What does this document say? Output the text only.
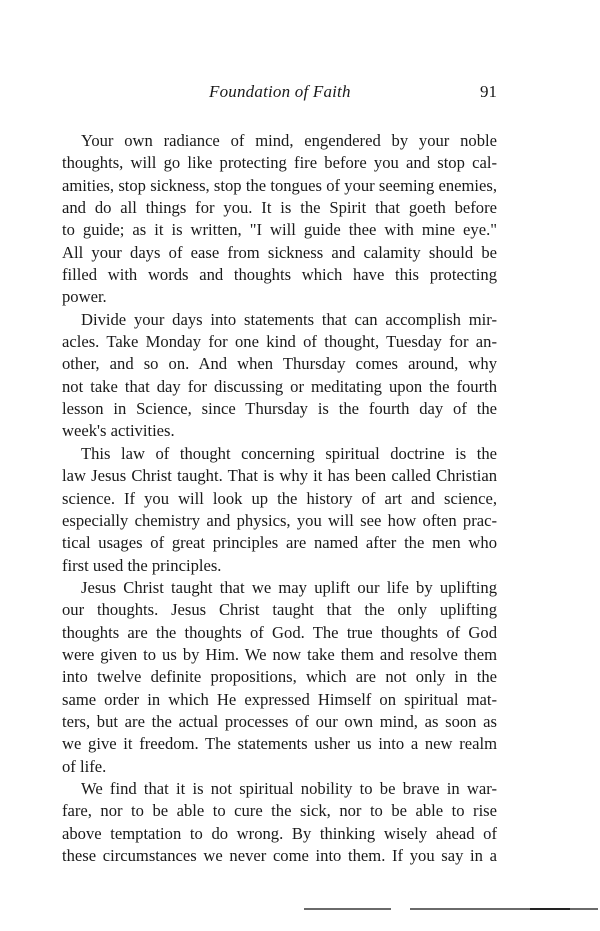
Foundation of Faith	91
Your own radiance of mind, engendered by your noble
thoughts, will go like protecting fire before you and stop cal-
amities, stop sickness, stop the tongues of your seeming enemies,
and do all things for you. It is the Spirit that goeth before
to guide; as it is written, "I will guide thee with mine eye."
All your days of ease from sickness and calamity should be
filled with words and thoughts which have this protecting
power.
Divide your days into statements that can accomplish mir-
acles. Take Monday for one kind of thought, Tuesday for an-
other, and so on. And when Thursday comes around, why
not take that day for discussing or meditating upon the fourth
lesson in Science, since Thursday is the fourth day of the
week's activities.
This law of thought concerning spiritual doctrine is the
law Jesus Christ taught. That is why it has been called Christian
science. If you will look up the history of art and science,
especially chemistry and physics, you will see how often prac-
tical usages of great principles are named after the men who
first used the principles.
Jesus Christ taught that we may uplift our life by uplifting
our thoughts. Jesus Christ taught that the only uplifting
thoughts are the thoughts of God. The true thoughts of God
were given to us by Him. We now take them and resolve them
into twelve definite propositions, which are not only in the
same order in which He expressed Himself on spiritual mat-
ters, but are the actual processes of our own mind, as soon as
we give it freedom. The statements usher us into a new realm
of life.
We find that it is not spiritual nobility to be brave in war-
fare, nor to be able to cure the sick, nor to be able to rise
above temptation to do wrong. By thinking wisely ahead of
these circumstances we never come into them. If you say in a
